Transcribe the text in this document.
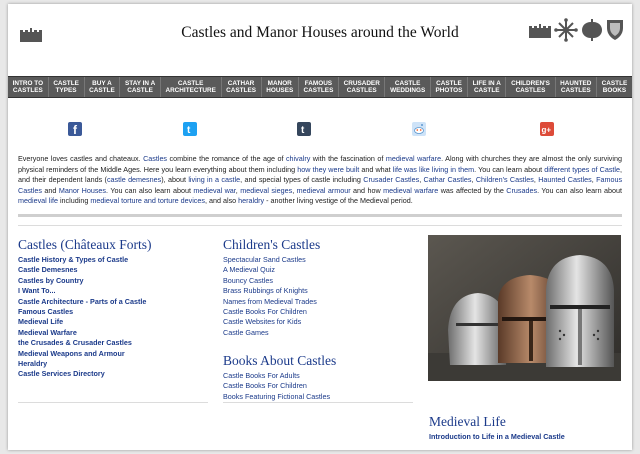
Castles and Manor Houses around the World
INTRO TO
CASTLES
CASTLE
TYPES
BUY A
CASTLE
STAY IN A
CASTLE
CASTLE
ARCHITECTURE
CATHAR
CASTLES
MANOR
HOUSES
FAMOUS
CASTLES
CRUSADER
CASTLES
CASTLE
WEDDINGS
CASTLE
PHOTOS
LIFE IN A
CASTLE
CHILDREN'S
CASTLES
HAUNTED
CASTLES
CASTLE
BOOKS
f	t	t	g+

Everyone loves castles and chateaux. Castles combine the romance of the age of chivalry with the fascination of medieval warfare. Along with churches they are almost the only surviving physical reminders of the Middle Ages. Here you learn everything about them including how they were built and what life was like living in them. You can learn about different types of Castle, and their dependent lands (castle demesnes), about living in a castle, and special types of castle including Crusader Castles, Cathar Castles, Children's Castles, Haunted Castles, Famous Castles and Manor Houses. You can also learn about medieval war, medieval sieges, medieval armour and how medieval warfare was affected by the Crusades. You can also learn about medieval life including medieval torture and torture devices, and also heraldry - another living vestige of the Medieval period.

Castles (Châteaux Forts)
Castle History & Types of Castle
Castle Demesnes
Castles by Country
I Want To...
Castle Architecture - Parts of a Castle
Famous Castles
Medieval Life
Medieval Warfare
the Crusades & Crusader Castles
Medieval Weapons and Armour
Heraldry
Castle Services Directory
Children's Castles
Spectacular Sand Castles
A Medieval Quiz
Bouncy Castles
Brass Rubbings of Knights
Names from Medieval Trades
Castle Books For Children
Castle Websites for Kids
Castle Games
Books About Castles
Castle Books For Adults
Castle Books For Children
Books Featuring Fictional Castles
Medieval Life
Introduction to Life in a Medieval Castle
